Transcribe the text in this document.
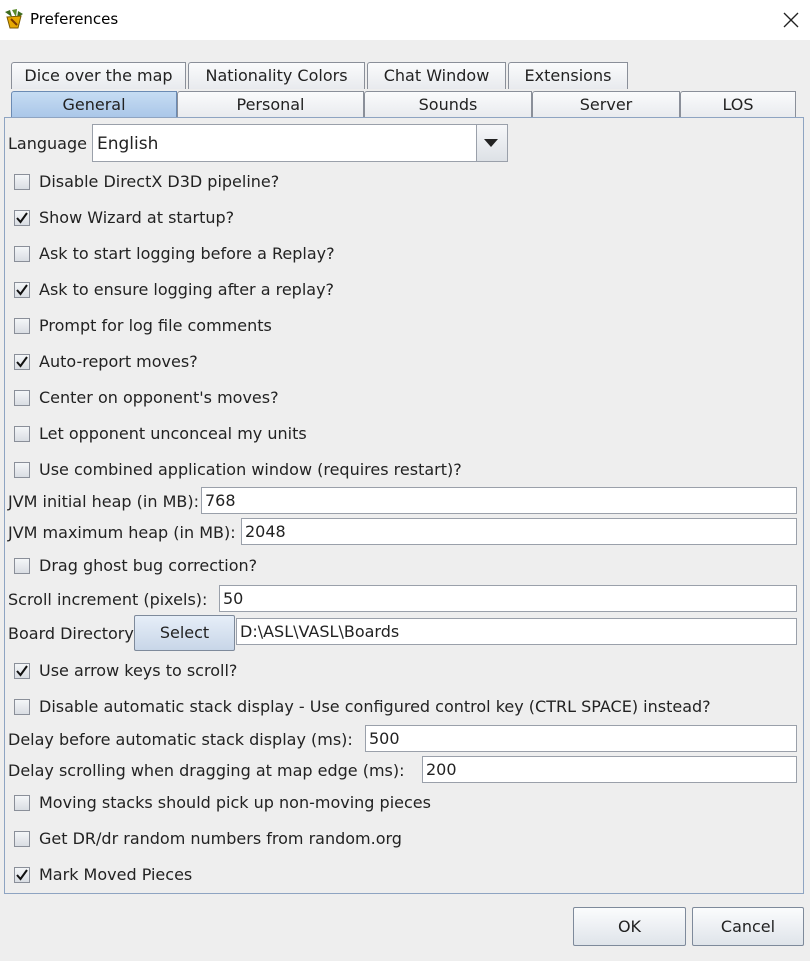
Preferences
Dice over the map	Nationality Colors	Chat Window	Extensions
General	Personal	Sounds	Server	LOS
Language English
Disable DirectX D3D pipeline?
Show Wizard at startup?
Ask to start logging before a Replay?
Ask to ensure logging after a replay?
Prompt for log file comments
Auto-report moves?
Center on opponent's moves?
Let opponent unconceal my units
Use combined application window (requires restart)?
JVM initial heap (in MB): 768
JVM maximum heap (in MB): 2048
Drag ghost bug correction?
Scroll increment (pixels): 50
Board Directory	Select	D:\ASL\VASL\Boards
Use arrow keys to scroll?
Disable automatic stack display - Use configured control key (CTRL SPACE) instead?
Delay before automatic stack display (ms): 500
Delay scrolling when dragging at map edge (ms): 200
Moving stacks should pick up non-moving pieces
Get DR/dr random numbers from random.org
Mark Moved Pieces
OK	Cancel
